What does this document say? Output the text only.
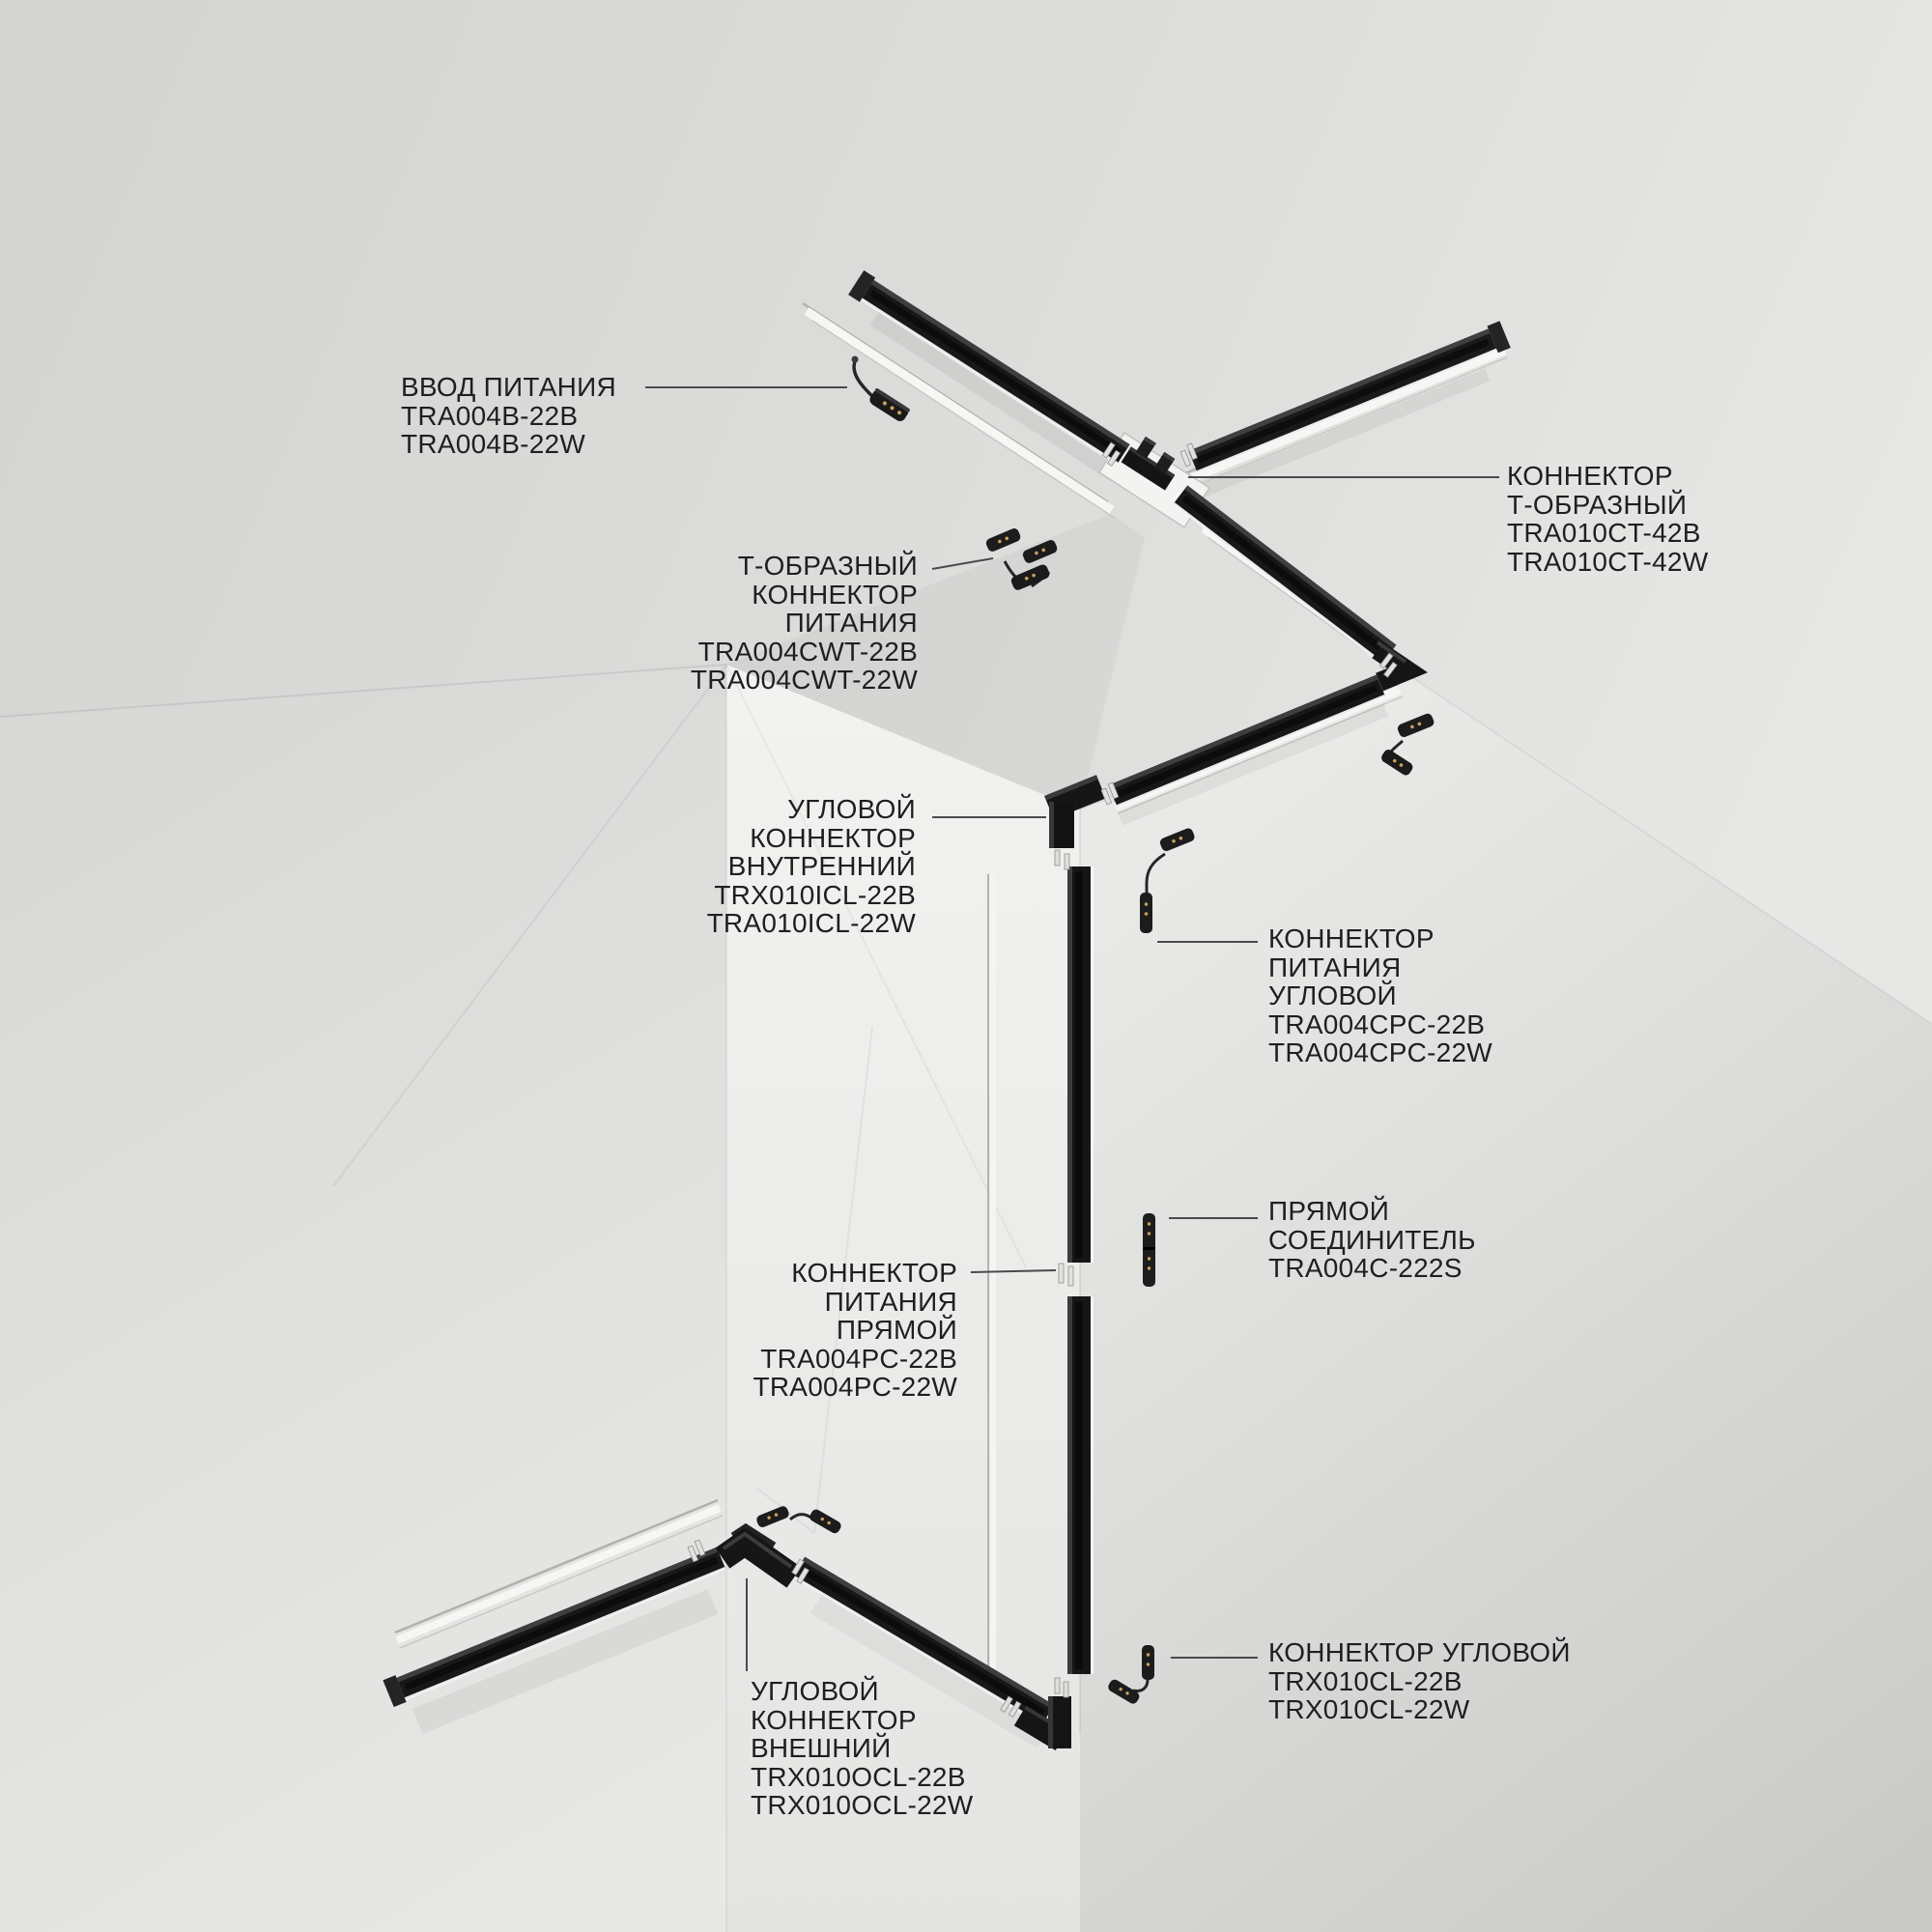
ВВОД ПИТАНИЯ
TRA004B-22B
TRA004B-22W
Т-ОБРАЗНЫЙ
КОННЕКТОР
ПИТАНИЯ
TRA004CWT-22B
TRA004CWT-22W
КОННЕКТОР
Т-ОБРАЗНЫЙ
TRA010CT-42B
TRA010CT-42W
УГЛОВОЙ
КОННЕКТОР
ВНУТРЕННИЙ
TRX010ICL-22B
TRA010ICL-22W
КОННЕКТОР
ПИТАНИЯ
УГЛОВОЙ
TRA004CPC-22B
TRA004CPC-22W
ПРЯМОЙ
СОЕДИНИТЕЛЬ
TRA004C-222S
КОННЕКТОР
ПИТАНИЯ
ПРЯМОЙ
TRA004PC-22B
TRA004PC-22W
УГЛОВОЙ
КОННЕКТОР
ВНЕШНИЙ
TRX010OCL-22B
TRX010OCL-22W
КОННЕКТОР УГЛОВОЙ
TRX010CL-22B
TRX010CL-22W
